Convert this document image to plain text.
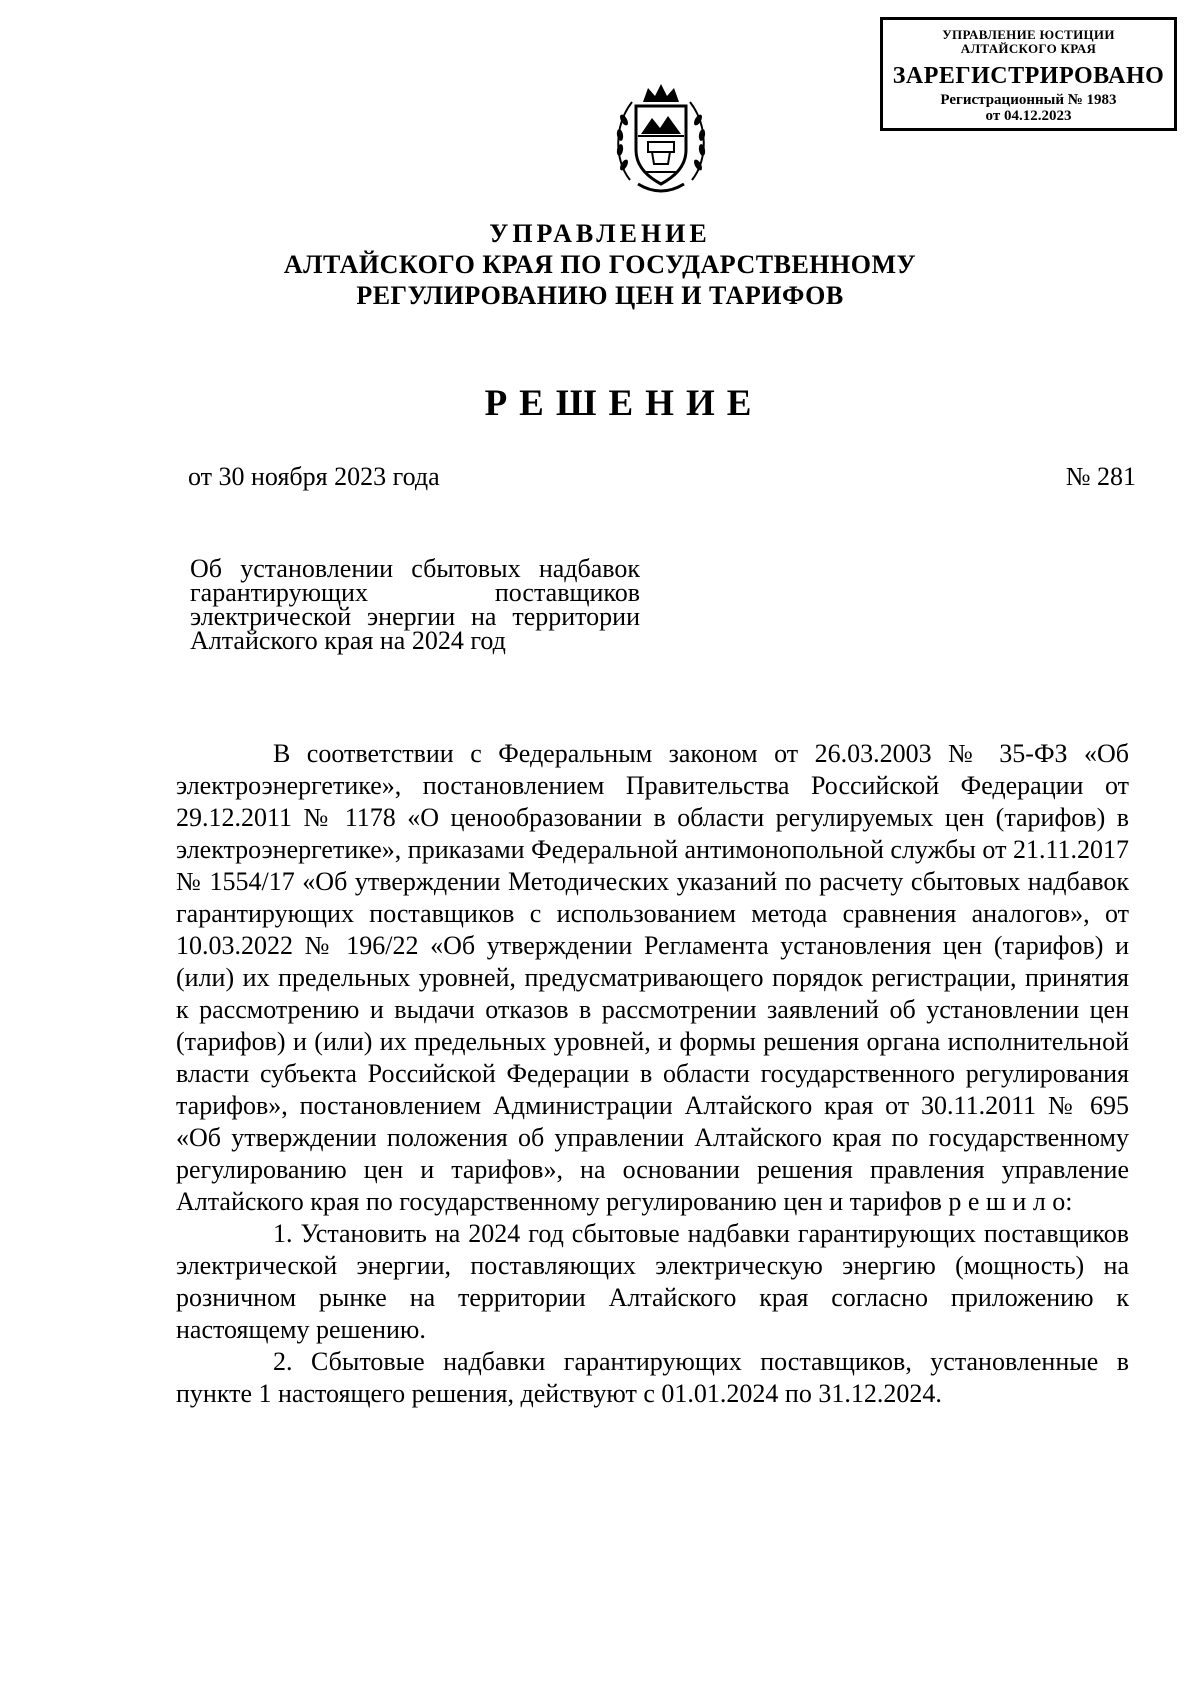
УПРАВЛЕНИЕ ЮСТИЦИИ
АЛТАЙСКОГО КРАЯ
ЗАРЕГИСТРИРОВАНО
Регистрационный № 1983
от 04.12.2023
УПРАВЛЕНИЕ
АЛТАЙСКОГО КРАЯ ПО ГОСУДАРСТВЕННОМУ
РЕГУЛИРОВАНИЮ ЦЕН И ТАРИФОВ
РЕШЕНИЕ
от 30 ноября 2023 года	№ 281
Об установлении сбытовых надбавок гарантирующих поставщиков электрической энергии на территории Алтайского края на 2024 год

В соответствии с Федеральным законом от 26.03.2003 № 35-ФЗ «Об электроэнергетике», постановлением Правительства Российской Федерации от 29.12.2011 № 1178 «О ценообразовании в области регулируемых цен (тарифов) в электроэнергетике», приказами Федеральной антимонопольной службы от 21.11.2017 № 1554/17 «Об утверждении Методических указаний по расчету сбытовых надбавок гарантирующих поставщиков с использованием метода сравнения аналогов», от 10.03.2022 № 196/22 «Об утверждении Регламента установления цен (тарифов) и (или) их предельных уровней, предусматривающего порядок регистрации, принятия к рассмотрению и выдачи отказов в рассмотрении заявлений об установлении цен (тарифов) и (или) их предельных уровней, и формы решения органа исполнительной власти субъекта Российской Федерации в области государственного регулирования тарифов», постановлением Администрации Алтайского края от 30.11.2011 № 695 «Об утверждении положения об управлении Алтайского края по государственному регулированию цен и тарифов», на основании решения правления управление Алтайского края по государственному регулированию цен и тарифов р е ш и л о:

1. Установить на 2024 год сбытовые надбавки гарантирующих поставщиков электрической энергии, поставляющих электрическую энергию (мощность) на розничном рынке на территории Алтайского края согласно приложению к настоящему решению.

2. Сбытовые надбавки гарантирующих поставщиков, установленные в пункте 1 настоящего решения, действуют с 01.01.2024 по 31.12.2024.
